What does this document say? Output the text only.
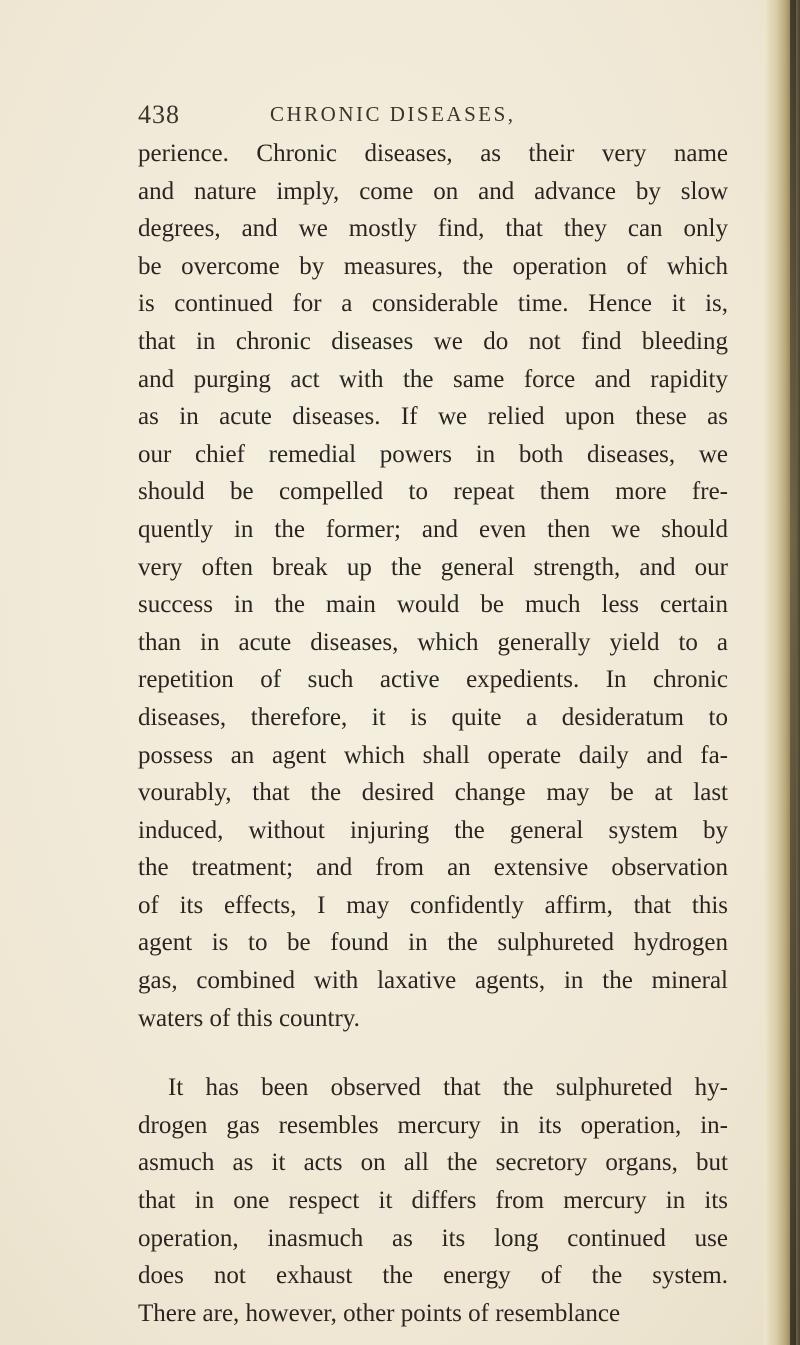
438	CHRONIC DISEASES,
perience. Chronic diseases, as their very name
and nature imply, come on and advance by slow
degrees, and we mostly find, that they can only
be overcome by measures, the operation of which
is continued for a considerable time. Hence it is,
that in chronic diseases we do not find bleeding
and purging act with the same force and rapidity
as in acute diseases. If we relied upon these as
our chief remedial powers in both diseases, we
should be compelled to repeat them more fre-
quently in the former; and even then we should
very often break up the general strength, and our
success in the main would be much less certain
than in acute diseases, which generally yield to a
repetition of such active expedients. In chronic
diseases, therefore, it is quite a desideratum to
possess an agent which shall operate daily and fa-
vourably, that the desired change may be at last
induced, without injuring the general system by
the treatment; and from an extensive observation
of its effects, I may confidently affirm, that this
agent is to be found in the sulphureted hydrogen
gas, combined with laxative agents, in the mineral
waters of this country.
It has been observed that the sulphureted hy-
drogen gas resembles mercury in its operation, in-
asmuch as it acts on all the secretory organs, but
that in one respect it differs from mercury in its
operation, inasmuch as its long continued use
does not exhaust the energy of the system.
There are, however, other points of resemblance
